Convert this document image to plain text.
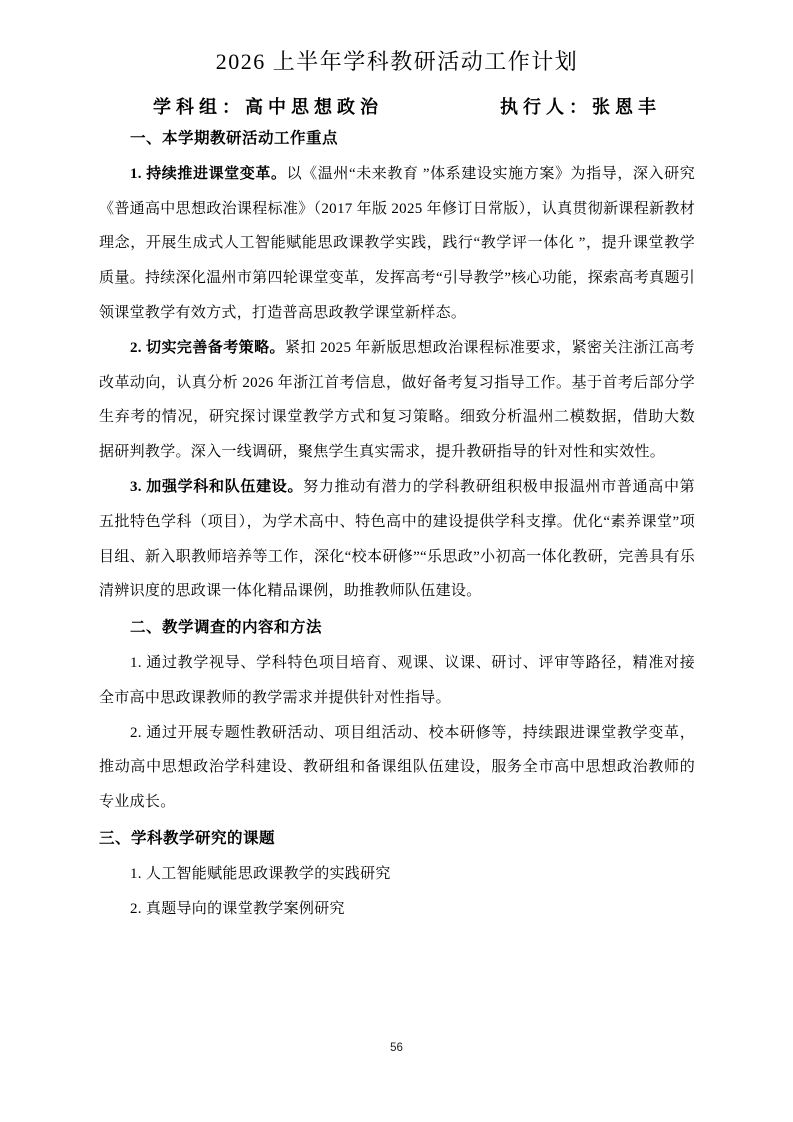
2026 上半年学科教研活动工作计划
学科组：高中思想政治	执行人：张恩丰
一、本学期教研活动工作重点

1. 持续推进课堂变革。以《温州“未来教育 ”体系建设实施方案》为指导，深入研究《普通高中思想政治课程标准》（2017 年版 2025 年修订日常版），认真贯彻新课程新教材理念，开展生成式人工智能赋能思政课教学实践，践行“教学评一体化 ”，提升课堂教学质量。持续深化温州市第四轮课堂变革，发挥高考“引导教学”核心功能，探索高考真题引领课堂教学有效方式，打造普高思政教学课堂新样态。

2. 切实完善备考策略。紧扣 2025 年新版思想政治课程标准要求，紧密关注浙江高考改革动向，认真分析 2026 年浙江首考信息，做好备考复习指导工作。基于首考后部分学生弃考的情况，研究探讨课堂教学方式和复习策略。细致分析温州二模数据，借助大数据研判教学。深入一线调研，聚焦学生真实需求，提升教研指导的针对性和实效性。

3. 加强学科和队伍建设。努力推动有潜力的学科教研组积极申报温州市普通高中第五批特色学科（项目），为学术高中、特色高中的建设提供学科支撑。优化“素养课堂”项目组、新入职教师培养等工作，深化“校本研修”“乐思政”小初高一体化教研，完善具有乐清辨识度的思政课一体化精品课例，助推教师队伍建设。

二、教学调查的内容和方法

1. 通过教学视导、学科特色项目培育、观课、议课、研讨、评审等路径，精准对接全市高中思政课教师的教学需求并提供针对性指导。

2. 通过开展专题性教研活动、项目组活动、校本研修等，持续跟进课堂教学变革，推动高中思想政治学科建设、教研组和备课组队伍建设，服务全市高中思想政治教师的专业成长。

三、学科教学研究的课题

1. 人工智能赋能思政课教学的实践研究

2. 真题导向的课堂教学案例研究

56
